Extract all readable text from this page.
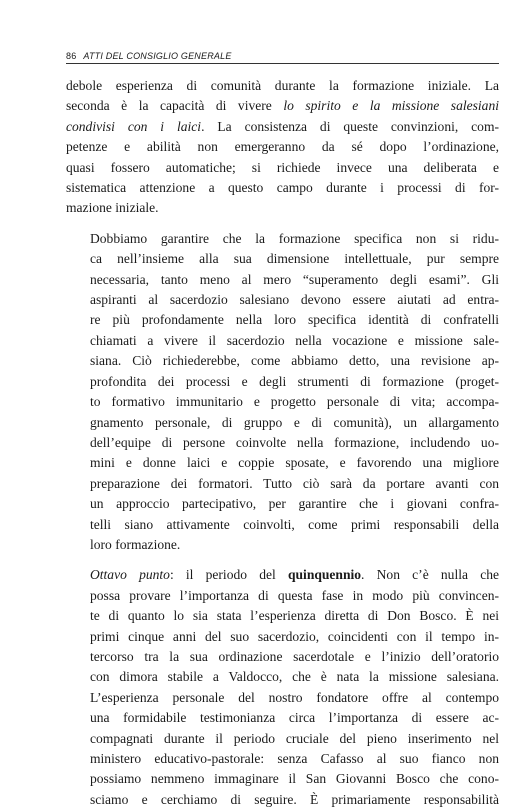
86 ATTI DEL CONSIGLIO GENERALE

debole esperienza di comunità durante la formazione iniziale. La
seconda è la capacità di vivere lo spirito e la missione salesiani
condivisi con i laici. La consistenza di queste convinzioni, com-
petenze e abilità non emergeranno da sé dopo l’ordinazione,
quasi fossero automatiche; si richiede invece una deliberata e
sistematica attenzione a questo campo durante i processi di for-
mazione iniziale.

Dobbiamo garantire che la formazione specifica non si ridu-
ca nell’insieme alla sua dimensione intellettuale, pur sempre
necessaria, tanto meno al mero “superamento degli esami”. Gli
aspiranti al sacerdozio salesiano devono essere aiutati ad entra-
re più profondamente nella loro specifica identità di confratelli
chiamati a vivere il sacerdozio nella vocazione e missione sale-
siana. Ciò richiederebbe, come abbiamo detto, una revisione ap-
profondita dei processi e degli strumenti di formazione (proget-
to formativo immunitario e progetto personale di vita; accompa-
gnamento personale, di gruppo e di comunità), un allargamento
dell’equipe di persone coinvolte nella formazione, includendo uo-
mini e donne laici e coppie sposate, e favorendo una migliore
preparazione dei formatori. Tutto ciò sarà da portare avanti con
un approccio partecipativo, per garantire che i giovani confra-
telli siano attivamente coinvolti, come primi responsabili della
loro formazione.

Ottavo punto: il periodo del quinquennio. Non c’è nulla che
possa provare l’importanza di questa fase in modo più convincen-
te di quanto lo sia stata l’esperienza diretta di Don Bosco. È nei
primi cinque anni del suo sacerdozio, coincidenti con il tempo in-
tercorso tra la sua ordinazione sacerdotale e l’inizio dell’oratorio
con dimora stabile a Valdocco, che è nata la missione salesiana.
L’esperienza personale del nostro fondatore offre al contempo
una formidabile testimonianza circa l’importanza di essere ac-
compagnati durante il periodo cruciale del pieno inserimento nel
ministero educativo-pastorale: senza Cafasso al suo fianco non
possiamo nemmeno immaginare il San Giovanni Bosco che cono-
sciamo e cerchiamo di seguire. È primariamente responsabilità
